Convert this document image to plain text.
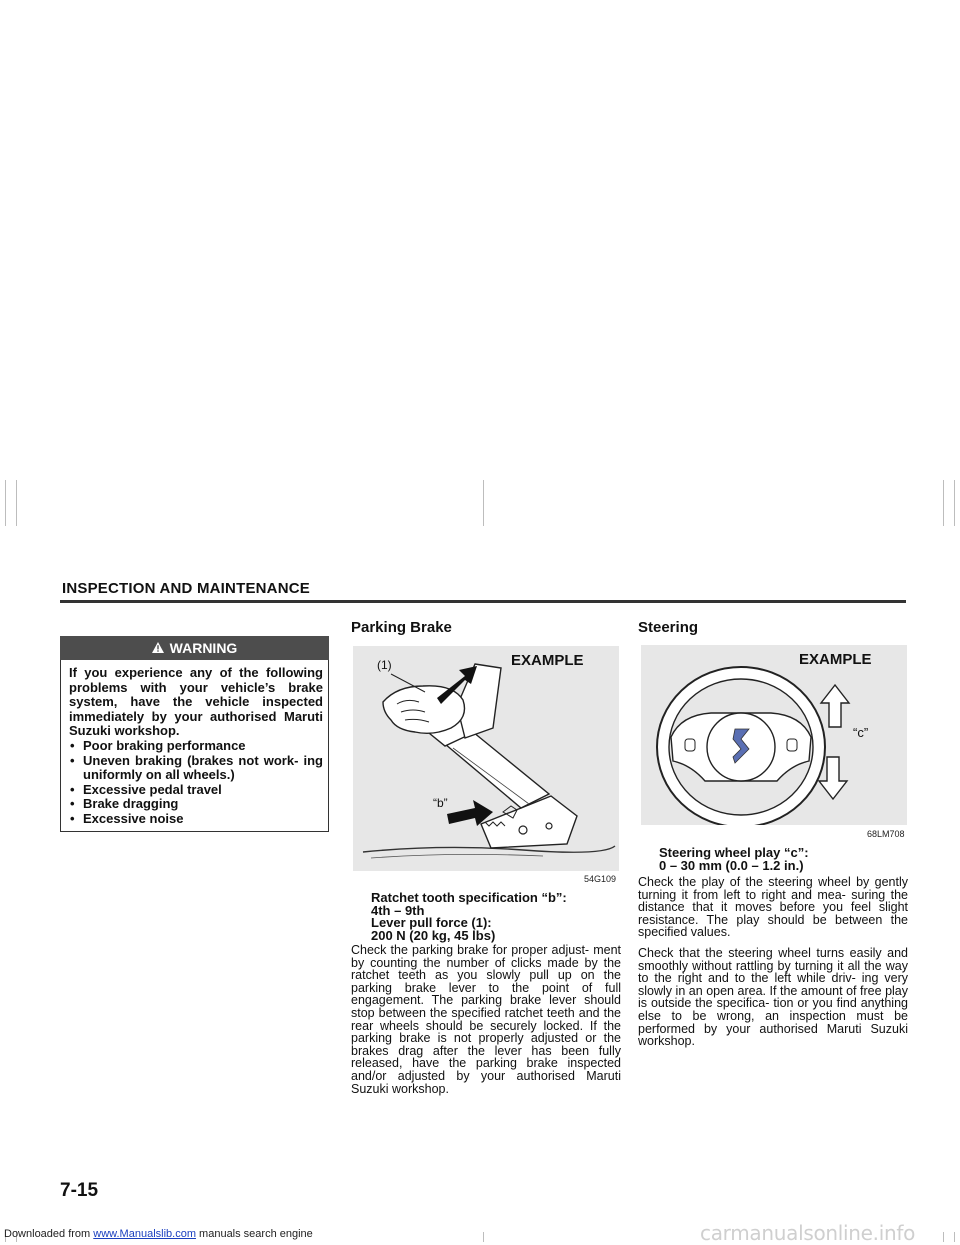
INSPECTION AND MAINTENANCE
WARNING

If you experience any of the following problems with your vehicle’s brake system, have the vehicle inspected immediately by your authorised Maruti Suzuki workshop.

• Poor braking performance
• Uneven braking (brakes not work- ing uniformly on all wheels.)
• Excessive pedal travel
• Brake dragging
• Excessive noise
Parking Brake
(1)
“b”
EXAMPLE
54G109
Ratchet tooth specification “b”:
4th – 9th
Lever pull force (1):
200 N (20 kg, 45 lbs)

Check the parking brake for proper adjust- ment by counting the number of clicks made by the ratchet teeth as you slowly pull up on the parking brake lever to the point of full engagement. The parking brake lever should stop between the specified ratchet teeth and the rear wheels should be securely locked. If the parking brake is not properly adjusted or the brakes drag after the lever has been fully released, have the parking brake inspected and/or adjusted by your authorised Maruti Suzuki workshop.

Steering
EXAMPLE
“c”
68LM708
Steering wheel play “c”:
0 – 30 mm (0.0 – 1.2 in.)

Check the play of the steering wheel by gently turning it from left to right and mea- suring the distance that it moves before you feel slight resistance. The play should be between the specified values.

Check that the steering wheel turns easily and smoothly without rattling by turning it all the way to the right and to the left while driv- ing very slowly in an open area. If the amount of free play is outside the specifica- tion or you find anything else to be wrong, an inspection must be performed by your authorised Maruti Suzuki workshop.

7-15
Downloaded from www.Manualslib.com manuals search engine	carmanualsonline.info
